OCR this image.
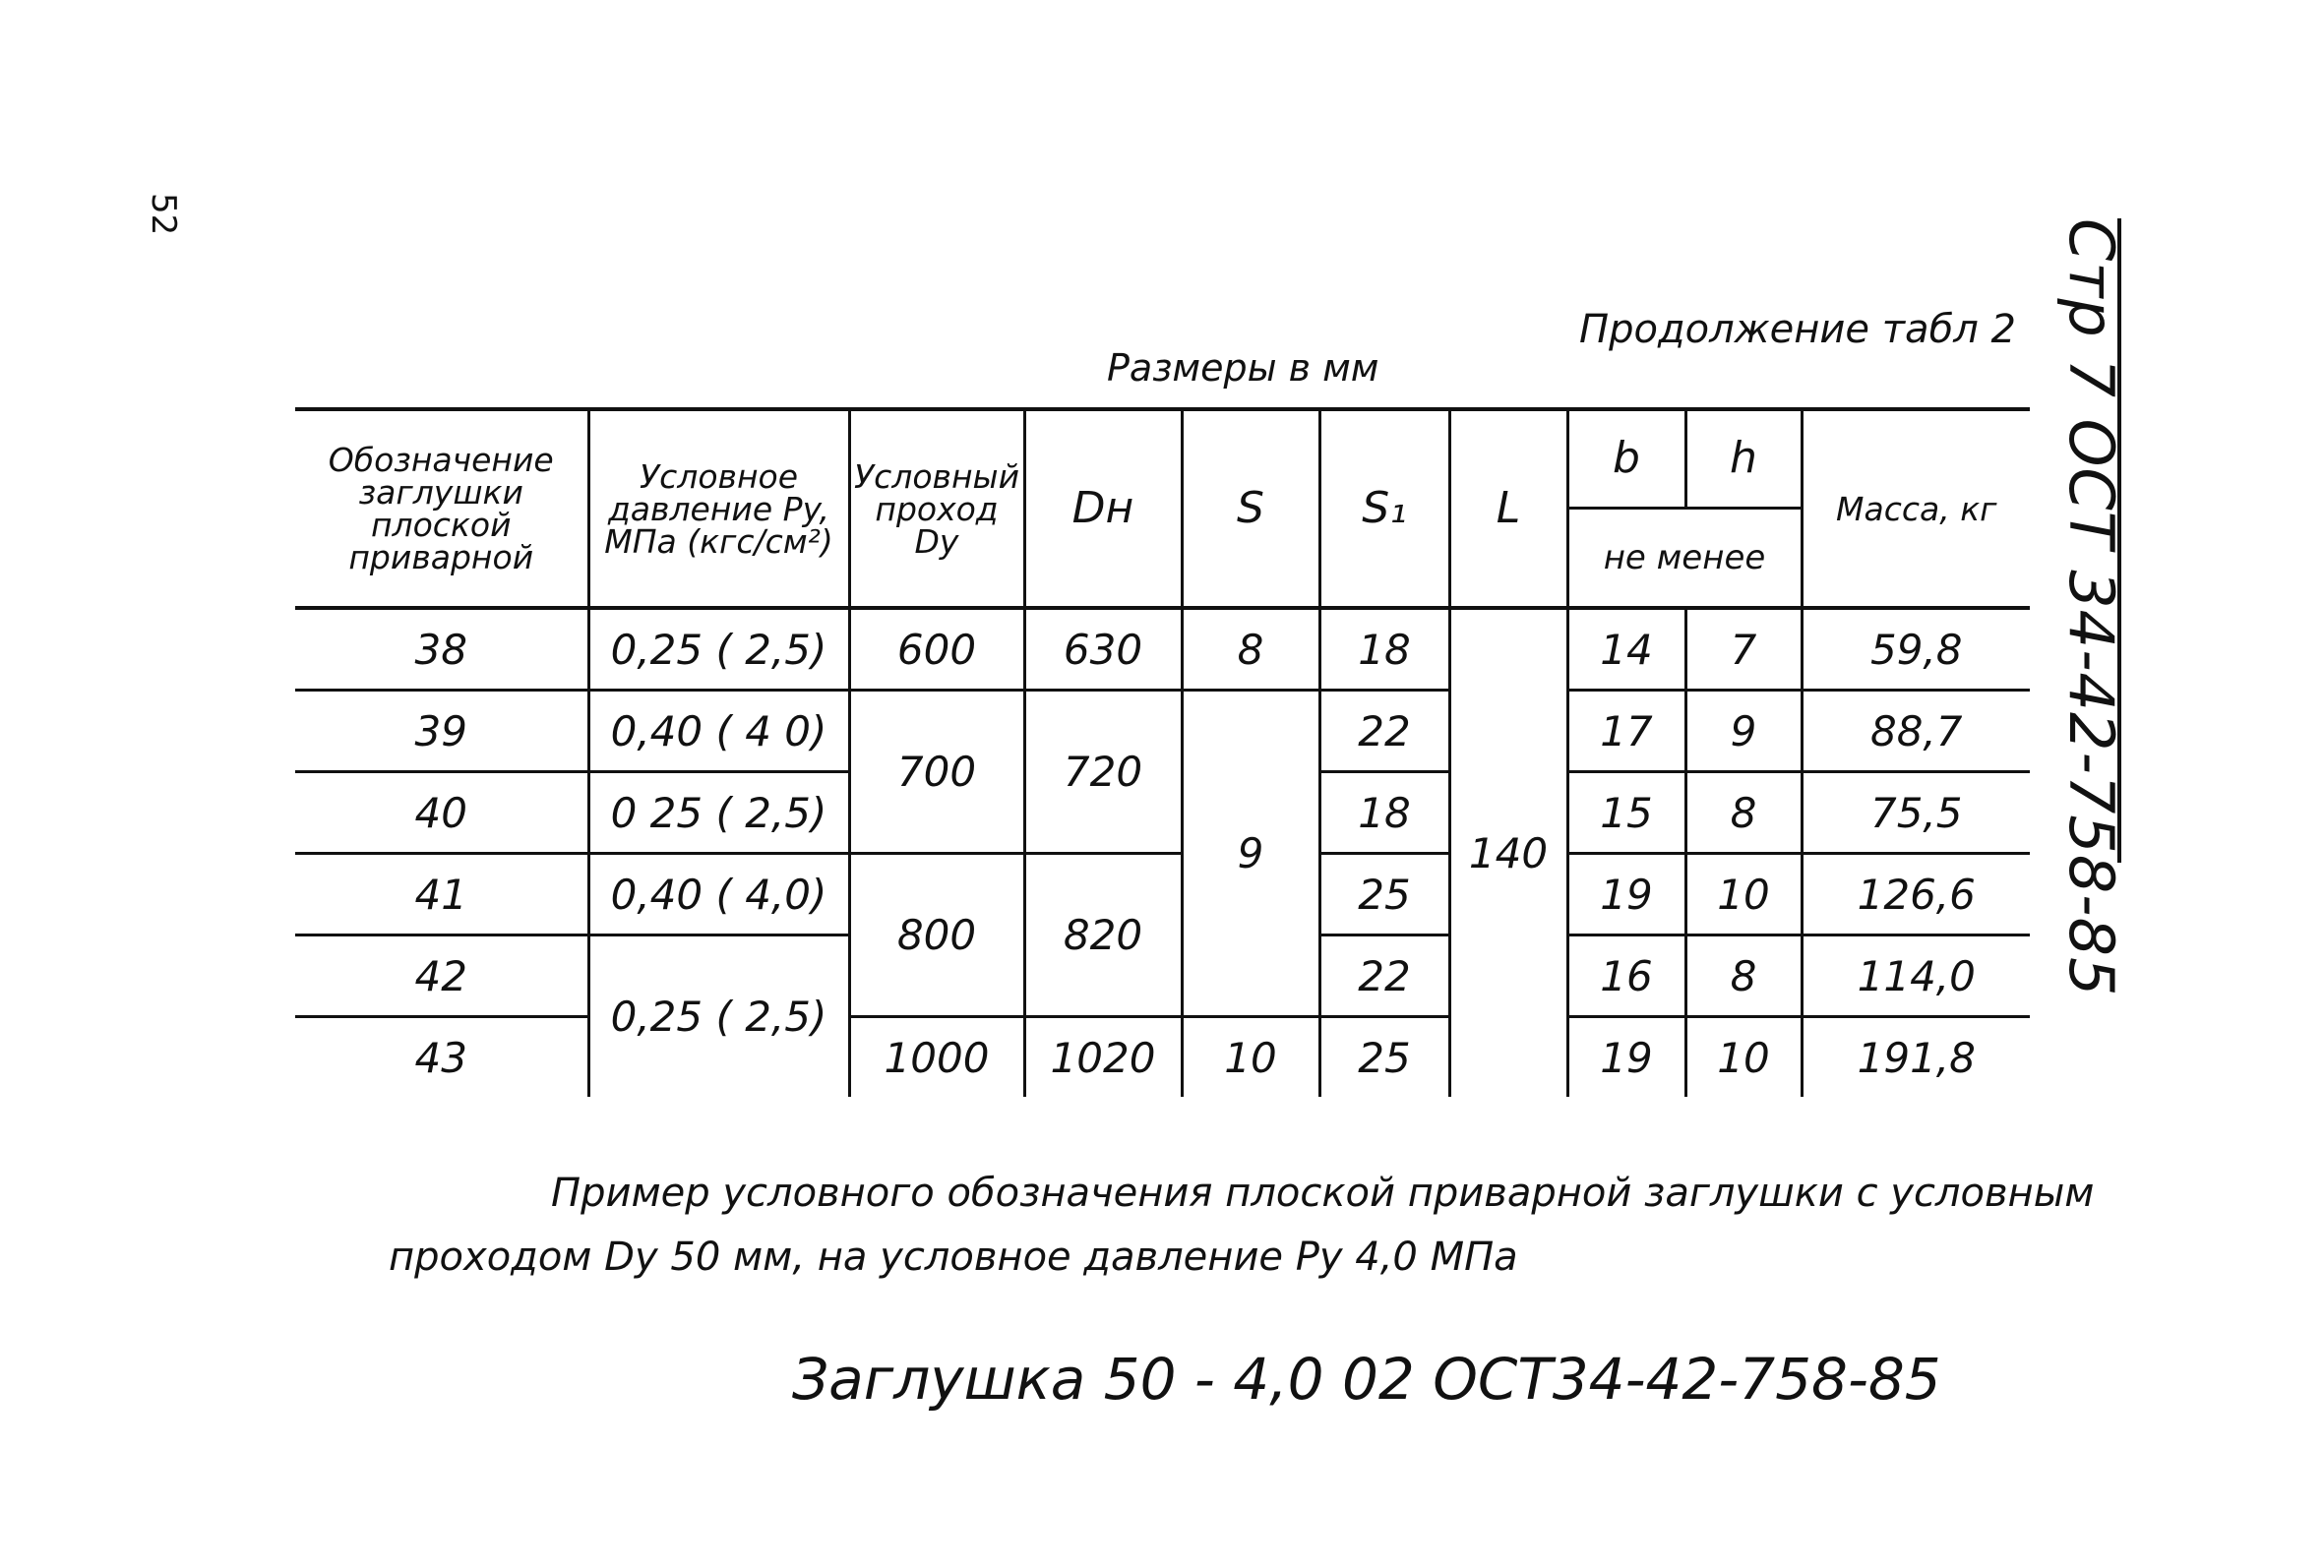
52
Стр 7 ОСТ 34-42-758-85
Продолжение табл 2
Размеры в мм
Обозначение заглушки плоской приварной	Условное давление Py, МПа (кгс/см²)	Условный проход Dy	Dн	S	S₁	L	b	h	Масса, кг
							не менее		
38	0,25 ( 2,5)	600	630	8	18	140	14	7	59,8
39	0,40 ( 4 0)	700	720	9	22		17	9	88,7
40	0 25 ( 2,5)				18		15	8	75,5
41	0,40 ( 4,0)	800	820		25		19	10	126,6
42	0,25 ( 2,5)				22		16	8	114,0
43		1000	1020	10	25		19	10	191,8
Пример условного обозначения плоской приварной заглушки с условным
проходом Dy 50 мм, на условное давление Py 4,0 МПа
Заглушка 50 - 4,0 02 ОСТ34-42-758-85
